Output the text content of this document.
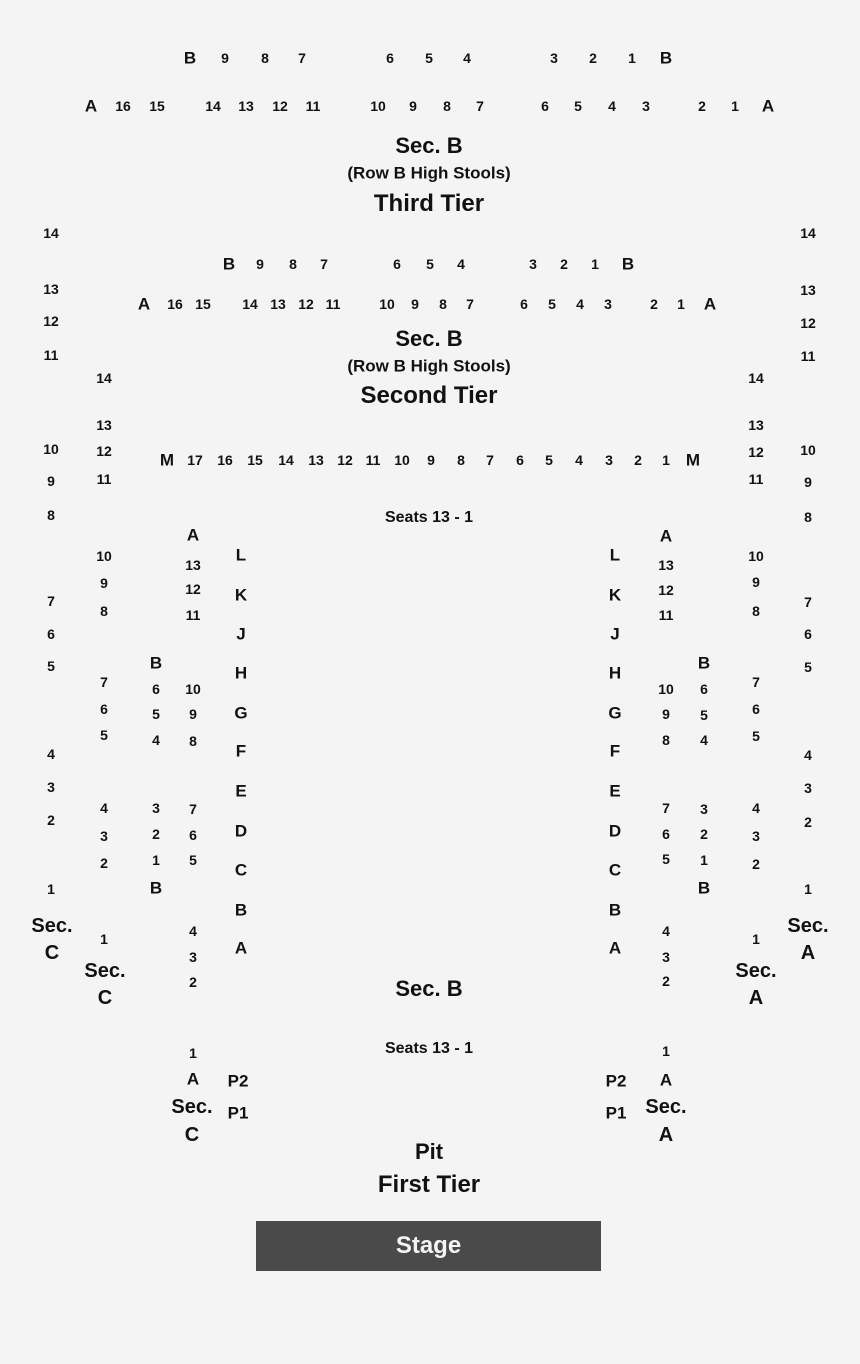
B 9 8 7	6 5 4	3 2 1 B
A 16 15	14 13 12 11	10 9 8 7	6 5 4 3	2 1 A
Sec. B
(Row B High Stools)
Third Tier
B 9 8 7	6 5 4	3 2 1 B
A 16 15 14 13 12 11	10 9 8 7	6 5 4 3	2 1 A
14
13
12
11
14
13
12
11
Sec. B
(Row B High Stools)
Second Tier
M 17 16 15 14 13 12 11 10 9 8 7 6 5 4 3 2 1 M
Seats 13 - 1
10
9
8
7
6
5
4
3
2
1
10
9
8
7
6
5
4
3
2
1
14
13
12
11
10
9
8
7
6
5
4
3
2
1
14
13
12
11
10
9
8
7
6
5
4
3
2
1
A
13
12
11
B
6
5
4
3
2
1
B
10
9
8
7
6
5
4
3
2
1
A
A
13
12
11
B
6
5
4
3
2
1
B
10
9
8
7
6
5
4
3
2
1
A
L
K
J
H
G
F
E
D
C
B
A
L
K
J
H
G
F
E
D
C
B
A
P2
P1
P2
P1
Sec.
C
Sec.
C
Sec.
C
Sec.
A
Sec.
A
Sec.
A
Sec. B
Seats 13 - 1
Pit
First Tier
Stage
